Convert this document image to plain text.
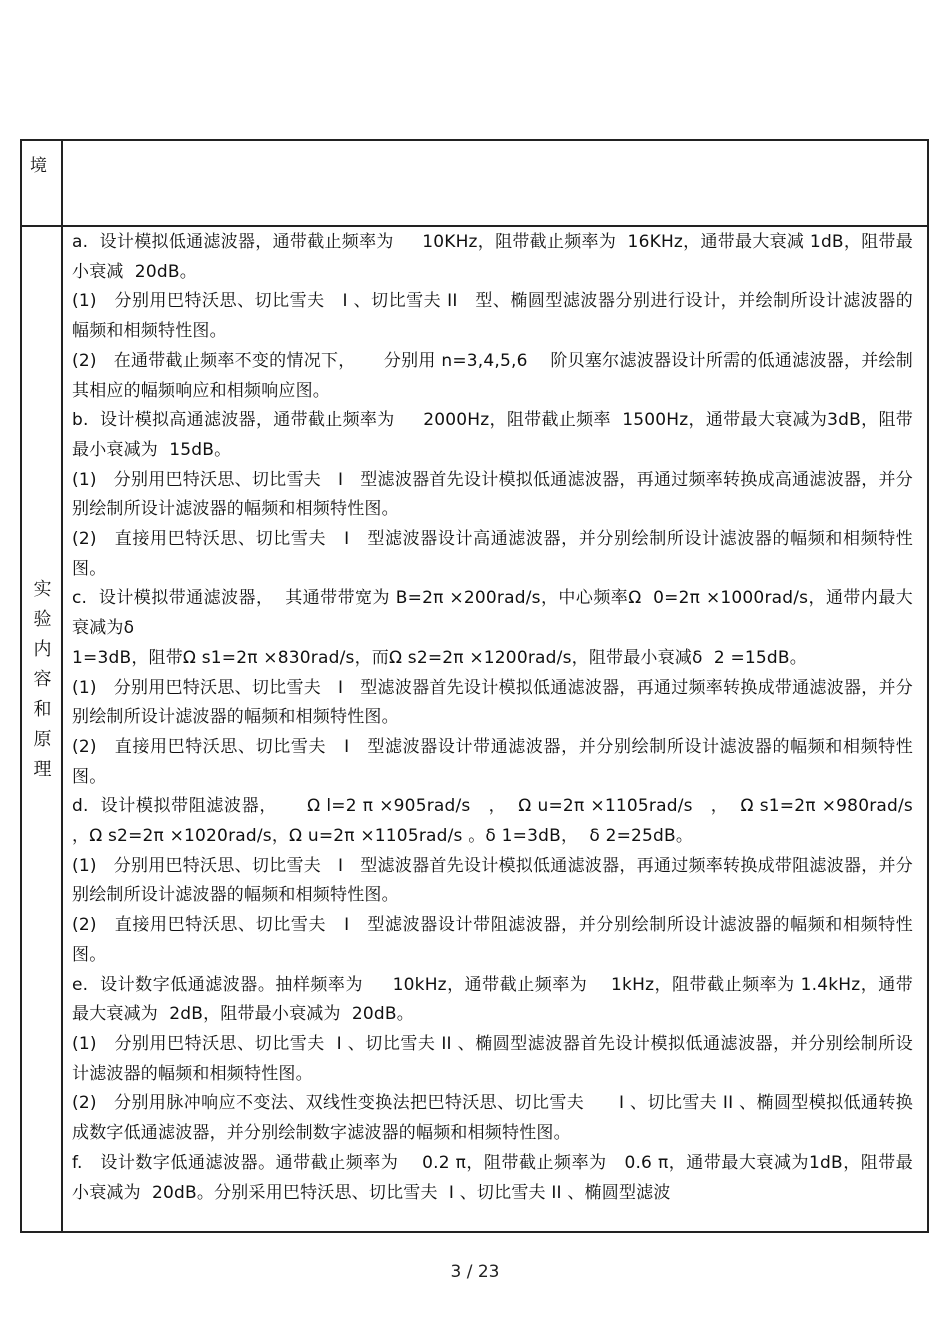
境
实
验
内
容
和
原
理

a.  设计模拟低通滤波器，通带截止频率为     10KHz，阻带截止频率为  16KHz，通带最大衰减 1dB，阻带最小衰减  20dB。

(1)   分别用巴特沃思、切比雪夫   I 、切比雪夫 II   型、椭圆型滤波器分别进行设计，并绘制所设计滤波器的幅频和相频特性图。

(2)   在通带截止频率不变的情况下，     分别用 n=3,4,5,6    阶贝塞尔滤波器设计所需的低通滤波器，并绘制其相应的幅频响应和相频响应图。

b.  设计模拟高通滤波器，通带截止频率为     2000Hz，阻带截止频率  1500Hz，通带最大衰减为3dB，阻带最小衰减为  15dB。

(1)   分别用巴特沃思、切比雪夫   I   型滤波器首先设计模拟低通滤波器，再通过频率转换成高通滤波器，并分别绘制所设计滤波器的幅频和相频特性图。

(2)   直接用巴特沃思、切比雪夫   I   型滤波器设计高通滤波器，并分别绘制所设计滤波器的幅频和相频特性图。

c.  设计模拟带通滤波器，  其通带带宽为 B=2π ×200rad/s，中心频率Ω  0=2π ×1000rad/s，通带内最大衰减为δ

1=3dB，阻带Ω s1=2π ×830rad/s，而Ω s2=2π ×1200rad/s，阻带最小衰减δ  2 =15dB。

(1)   分别用巴特沃思、切比雪夫   I   型滤波器首先设计模拟低通滤波器，再通过频率转换成带通滤波器，并分别绘制所设计滤波器的幅频和相频特性图。

(2)   直接用巴特沃思、切比雪夫   I   型滤波器设计带通滤波器，并分别绘制所设计滤波器的幅频和相频特性图。

d.  设计模拟带阻滤波器，     Ω l=2 π ×905rad/s   ，  Ω u=2π ×1105rad/s   ，  Ω s1=2π ×980rad/s  ，Ω s2=2π ×1020rad/s，Ω u=2π ×1105rad/s 。δ 1=3dB，  δ 2=25dB。

(1)   分别用巴特沃思、切比雪夫   I   型滤波器首先设计模拟低通滤波器，再通过频率转换成带阻滤波器，并分别绘制所设计滤波器的幅频和相频特性图。

(2)   直接用巴特沃思、切比雪夫   I   型滤波器设计带阻滤波器，并分别绘制所设计滤波器的幅频和相频特性图。

e.  设计数字低通滤波器。抽样频率为     10kHz，通带截止频率为    1kHz，阻带截止频率为 1.4kHz，通带最大衰减为  2dB，阻带最小衰减为  20dB。

(1)   分别用巴特沃思、切比雪夫  I 、切比雪夫 II 、椭圆型滤波器首先设计模拟低通滤波器，并分别绘制所设计滤波器的幅频和相频特性图。

(2)   分别用脉冲响应不变法、双线性变换法把巴特沃思、切比雪夫      I 、切比雪夫 II 、椭圆型模拟低通转换成数字低通滤波器，并分别绘制数字滤波器的幅频和相频特性图。

f.   设计数字低通滤波器。通带截止频率为    0.2 π，阻带截止频率为   0.6 π，通带最大衰减为1dB，阻带最小衰减为  20dB。分别采用巴特沃思、切比雪夫  I 、切比雪夫 II 、椭圆型滤波

3 / 23
